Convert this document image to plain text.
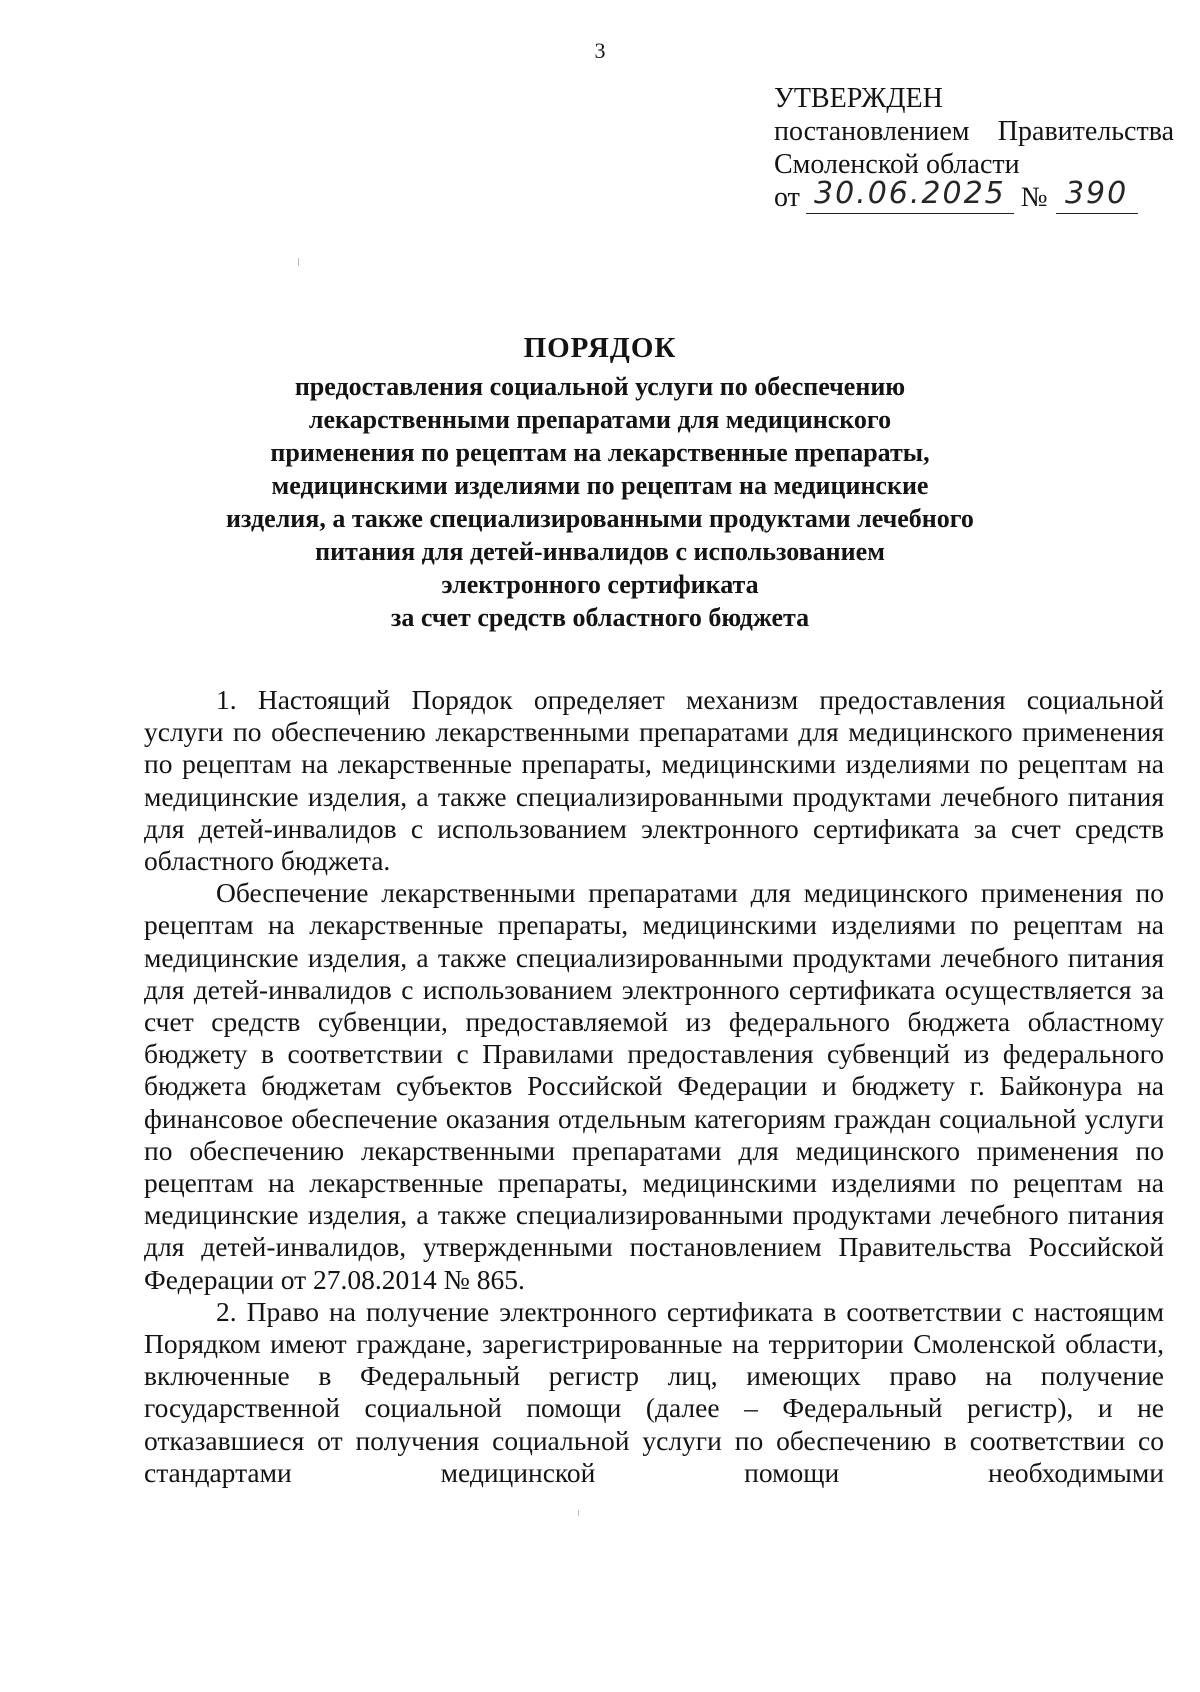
3
УТВЕРЖДЕН
постановлением Правительства
Смоленской области
от 30.06.2025 № 390
ПОРЯДОК
предоставления социальной услуги по обеспечению
лекарственными препаратами для медицинского
применения по рецептам на лекарственные препараты,
медицинскими изделиями по рецептам на медицинские
изделия, а также специализированными продуктами лечебного
питания для детей-инвалидов с использованием
электронного сертификата
за счет средств областного бюджета

1. Настоящий Порядок определяет механизм предоставления социальной услуги по обеспечению лекарственными препаратами для медицинского применения по рецептам на лекарственные препараты, медицинскими изделиями по рецептам на медицинские изделия, а также специализированными продуктами лечебного питания для детей-инвалидов с использованием электронного сертификата за счет средств областного бюджета.

Обеспечение лекарственными препаратами для медицинского применения по рецептам на лекарственные препараты, медицинскими изделиями по рецептам на медицинские изделия, а также специализированными продуктами лечебного питания для детей-инвалидов с использованием электронного сертификата осуществляется за счет средств субвенции, предоставляемой из федерального бюджета областному бюджету в соответствии с Правилами предоставления субвенций из федерального бюджета бюджетам субъектов Российской Федерации и бюджету г. Байконура на финансовое обеспечение оказания отдельным категориям граждан социальной услуги по обеспечению лекарственными препаратами для медицинского применения по рецептам на лекарственные препараты, медицинскими изделиями по рецептам на медицинские изделия, а также специализированными продуктами лечебного питания для детей-инвалидов, утвержденными постановлением Правительства Российской Федерации от 27.08.2014 № 865.

2. Право на получение электронного сертификата в соответствии с настоящим Порядком имеют граждане, зарегистрированные на территории Смоленской области, включенные в Федеральный регистр лиц, имеющих право на получение государственной социальной помощи (далее – Федеральный регистр), и не отказавшиеся от получения социальной услуги по обеспечению в соответствии со стандартами медицинской помощи необходимыми
